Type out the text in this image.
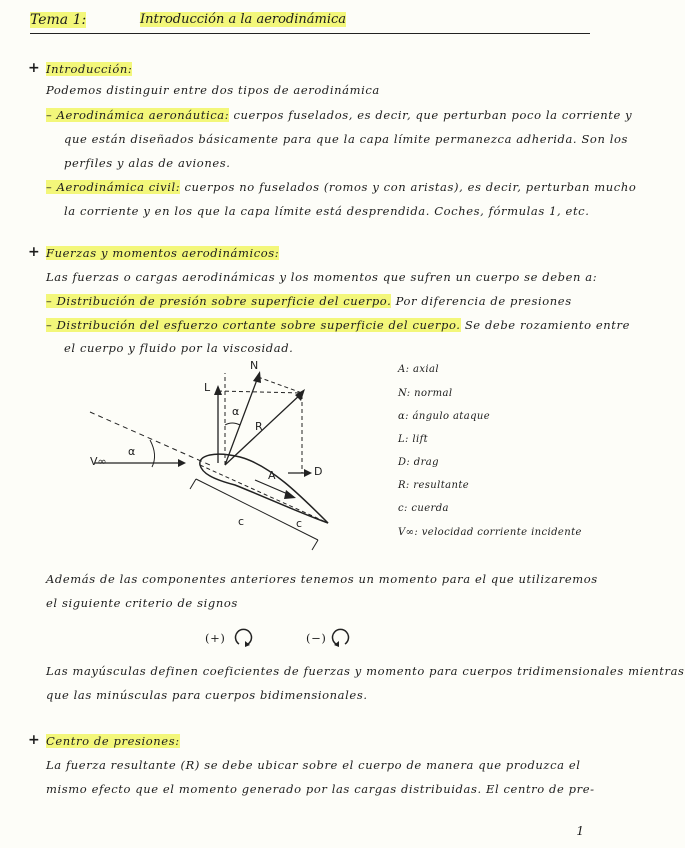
Tema 1:	Introducción a la aerodinámica
+ Introducción:
Podemos distinguir entre dos tipos de aerodinámica
– Aerodinámica aeronáutica: cuerpos fuselados, es decir, que perturban poco la corriente y
que están diseñados básicamente para que la capa límite permanezca adherida. Son los
perfiles y alas de aviones.
– Aerodinámica civil: cuerpos no fuselados (romos y con aristas), es decir, perturban mucho
la corriente y en los que la capa límite está desprendida. Coches, fórmulas 1, etc.
+ Fuerzas y momentos aerodinámicos:
Las fuerzas o cargas aerodinámicas y los momentos que sufren un cuerpo se deben a:
– Distribución de presión sobre superficie del cuerpo. Por diferencia de presiones
– Distribución del esfuerzo cortante sobre superficie del cuerpo. Se debe rozamiento entre
el cuerpo y fluido por la viscosidad.
V∞
α
L
N
R
D
A
α
c	c
A: axial
N: normal
α: ángulo ataque
L: lift
D: drag
R: resultante
c: cuerda
V∞: velocidad corriente incidente
Además de las componentes anteriores tenemos un momento para el que utilizaremos
el siguiente criterio de signos
(+)	(−)
Las mayúsculas definen coeficientes de fuerzas y momento para cuerpos tridimensionales mientras
que las minúsculas para cuerpos bidimensionales.
+ Centro de presiones:
La fuerza resultante (R) se debe ubicar sobre el cuerpo de manera que produzca el
mismo efecto que el momento generado por las cargas distribuidas. El centro de pre-
1
